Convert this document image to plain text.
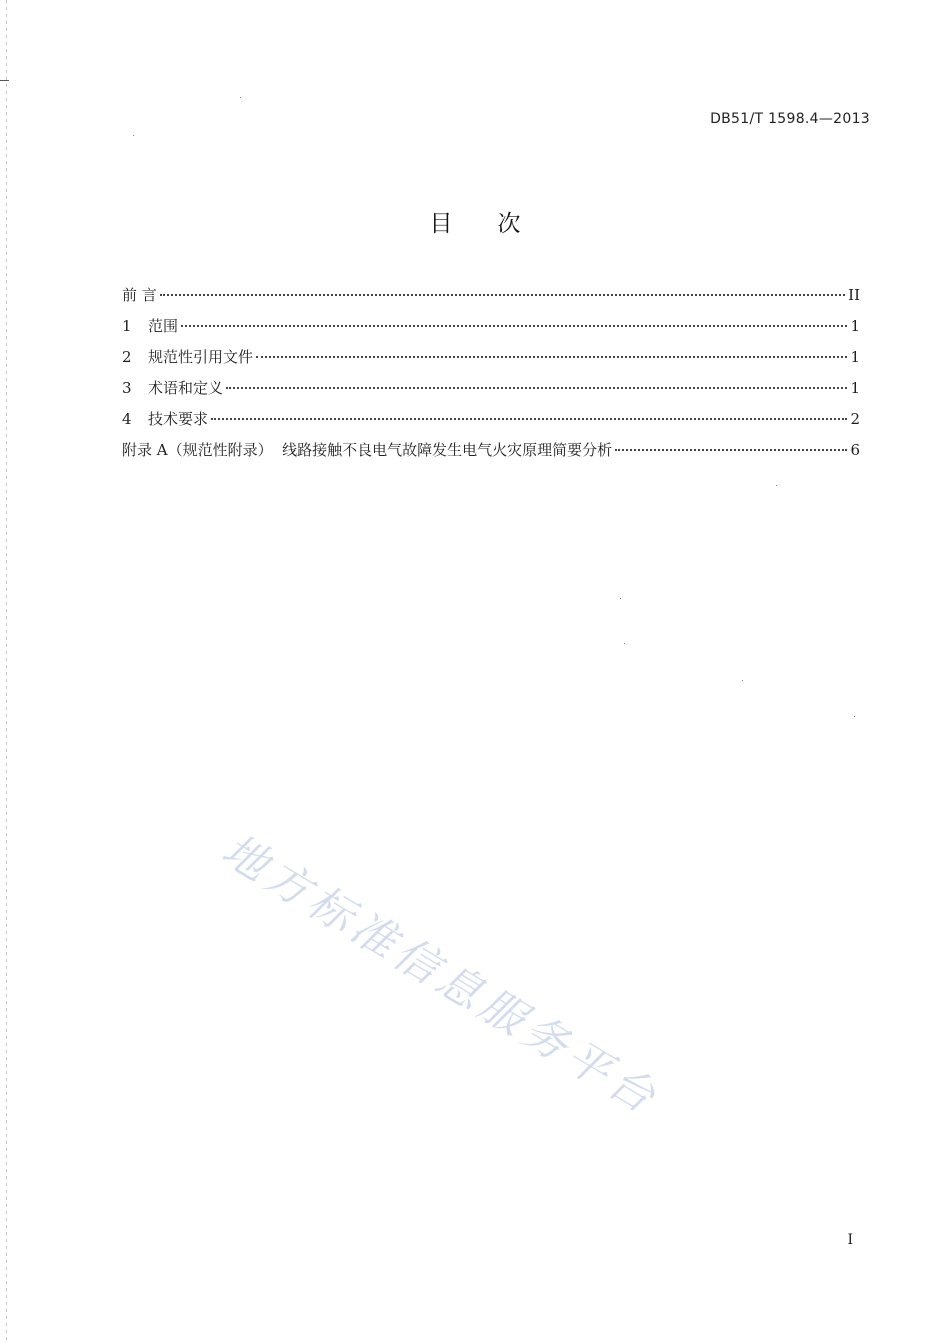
DB51/T 1598.4—2013
目次
前 言	II
1	范围	1
2	规范性引用文件	1
3	术语和定义	1
4	技术要求	2
附录 A（规范性附录）  线路接触不良电气故障发生电气火灾原理简要分析	6
地方标准信息服务平台
I
